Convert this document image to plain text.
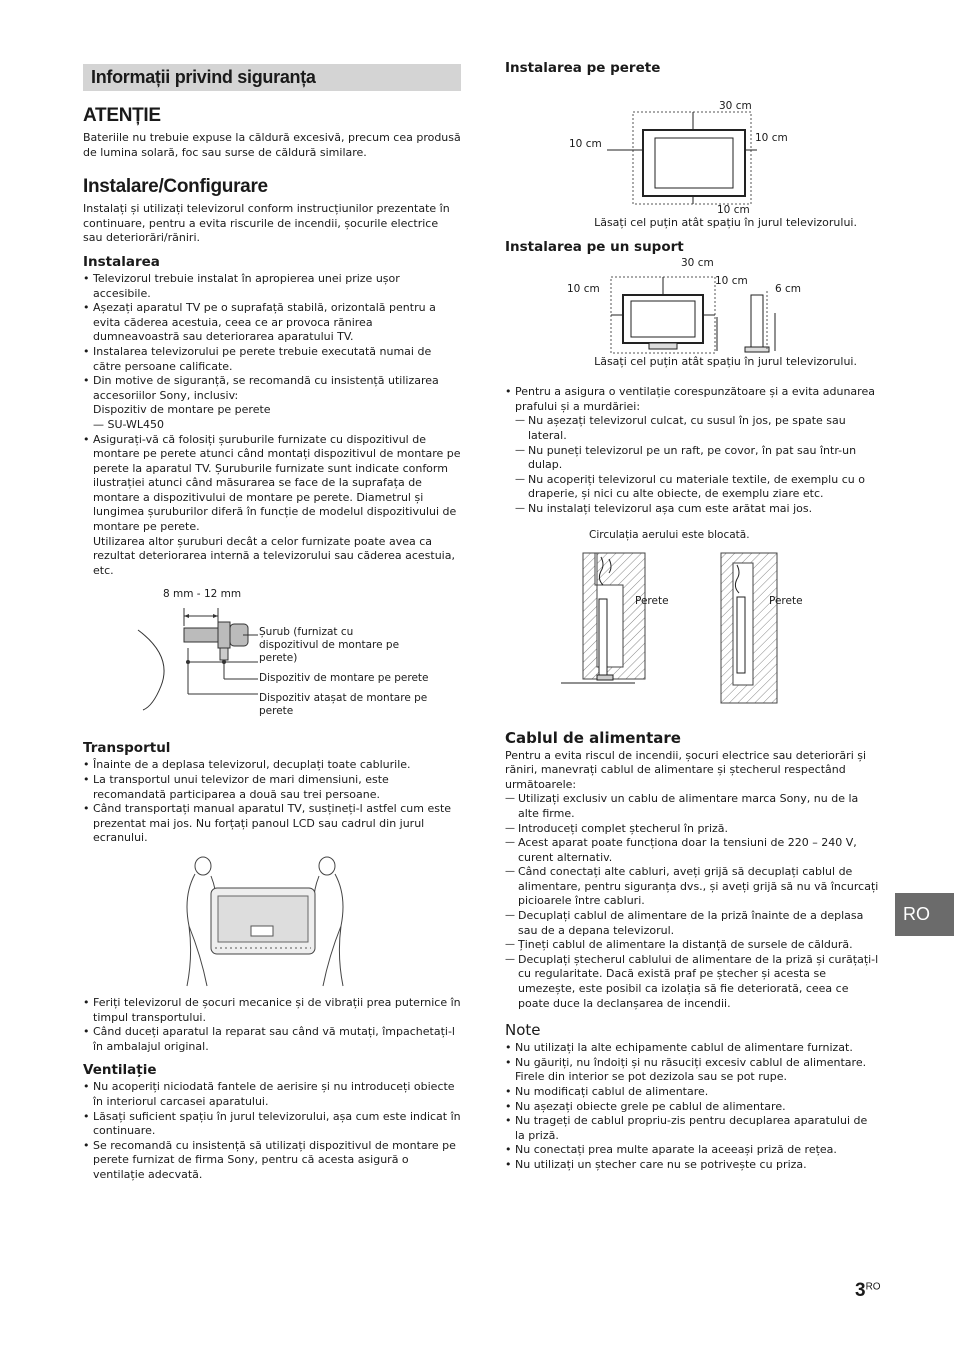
Informații privind siguranța
ATENȚIE

Bateriile nu trebuie expuse la căldură excesivă, precum cea produsă de lumina solară, foc sau surse de căldură similare.

Instalare/Configurare

Instalați și utilizați televizorul conform instrucțiunilor prezentate în continuare, pentru a evita riscurile de incendii, șocurile electrice sau deteriorări/răniri.

Instalarea
• Televizorul trebuie instalat în apropierea unei prize ușor accesibile.
• Așezați aparatul TV pe o suprafață stabilă, orizontală pentru a evita căderea acestuia, ceea ce ar provoca rănirea dumneavoastră sau deteriorarea aparatului TV.
• Instalarea televizorului pe perete trebuie executată numai de către persoane calificate.
• Din motive de siguranță, se recomandă cu insistență utilizarea accesoriilor Sony, inclusiv:
Dispozitiv de montare pe perete
— SU-WL450
• Asigurați-vă că folosiți șuruburile furnizate cu dispozitivul de montare pe perete atunci când montați dispozitivul de montare pe perete la aparatul TV. Șuruburile furnizate sunt indicate conform ilustrației atunci când măsurarea se face de la suprafața de montare a dispozitivului de montare pe perete. Diametrul și lungimea șuruburilor diferă în funcție de modelul dispozitivului de montare pe perete.
Utilizarea altor șuruburi decât a celor furnizate poate avea ca rezultat deteriorarea internă a televizorului sau căderea acestuia, etc.
8 mm - 12 mm
Șurub (furnizat cu dispozitivul de montare pe perete)
Dispozitiv de montare pe perete
Dispozitiv atașat de montare pe perete
Transportul
• Înainte de a deplasa televizorul, decuplați toate cablurile.
• La transportul unui televizor de mari dimensiuni, este recomandată participarea a două sau trei persoane.
• Când transportați manual aparatul TV, susțineți-l astfel cum este prezentat mai jos. Nu forțați panoul LCD sau cadrul din jurul ecranului.
• Feriți televizorul de șocuri mecanice și de vibrații prea puternice în timpul transportului.
• Când duceți aparatul la reparat sau când vă mutați, împachetați-l în ambalajul original.
Ventilație
• Nu acoperiți niciodată fantele de aerisire și nu introduceți obiecte în interiorul carcasei aparatului.
• Lăsați suficient spațiu în jurul televizorului, așa cum este indicat în continuare.
• Se recomandă cu insistență să utilizați dispozitivul de montare pe perete furnizat de firma Sony, pentru că acesta asigură o ventilație adecvată.
Instalarea pe perete
30 cm
10 cm	10 cm
10 cm

Lăsați cel puțin atât spațiu în jurul televizorului.

Instalarea pe un suport
30 cm
10 cm
10 cm
6 cm

Lăsați cel puțin atât spațiu în jurul televizorului.

• Pentru a asigura o ventilație corespunzătoare și a evita adunarea prafului și a murdăriei:
— Nu așezați televizorul culcat, cu susul în jos, pe spate sau lateral.
— Nu puneți televizorul pe un raft, pe covor, în pat sau într-un dulap.
— Nu acoperiți televizorul cu materiale textile, de exemplu cu o draperie, și nici cu alte obiecte, de exemplu ziare etc.
— Nu instalați televizorul așa cum este arătat mai jos.
Circulația aerului este blocată.
Perete	Perete
Cablul de alimentare

Pentru a evita riscul de incendii, șocuri electrice sau deteriorări și răniri, manevrați cablul de alimentare și ștecherul respectând următoarele:

— Utilizați exclusiv un cablu de alimentare marca Sony, nu de la alte firme.
— Introduceți complet ștecherul în priză.
— Acest aparat poate funcționa doar la tensiuni de 220 – 240 V, curent alternativ.
— Când conectați alte cabluri, aveți grijă să decuplați cablul de alimentare, pentru siguranța dvs., și aveți grijă să nu vă încurcați picioarele între cabluri.
— Decuplați cablul de alimentare de la priză înainte de a deplasa sau de a depana televizorul.
— Țineți cablul de alimentare la distanță de sursele de căldură.
— Decuplați ștecherul cablului de alimentare de la priză și curățați-l cu regularitate. Dacă există praf pe ștecher și acesta se umezește, este posibil ca izolația să fie deteriorată, ceea ce poate duce la declanșarea de incendii.
Note
• Nu utilizați la alte echipamente cablul de alimentare furnizat.
• Nu găuriți, nu îndoiți și nu răsuciți excesiv cablul de alimentare. Firele din interior se pot dezizola sau se pot rupe.
• Nu modificați cablul de alimentare.
• Nu așezați obiecte grele pe cablul de alimentare.
• Nu trageți de cablul propriu-zis pentru decuplarea aparatului de la priză.
• Nu conectați prea multe aparate la aceeași priză de rețea.
• Nu utilizați un ștecher care nu se potrivește cu priza.
RO
$3^{RO}$
